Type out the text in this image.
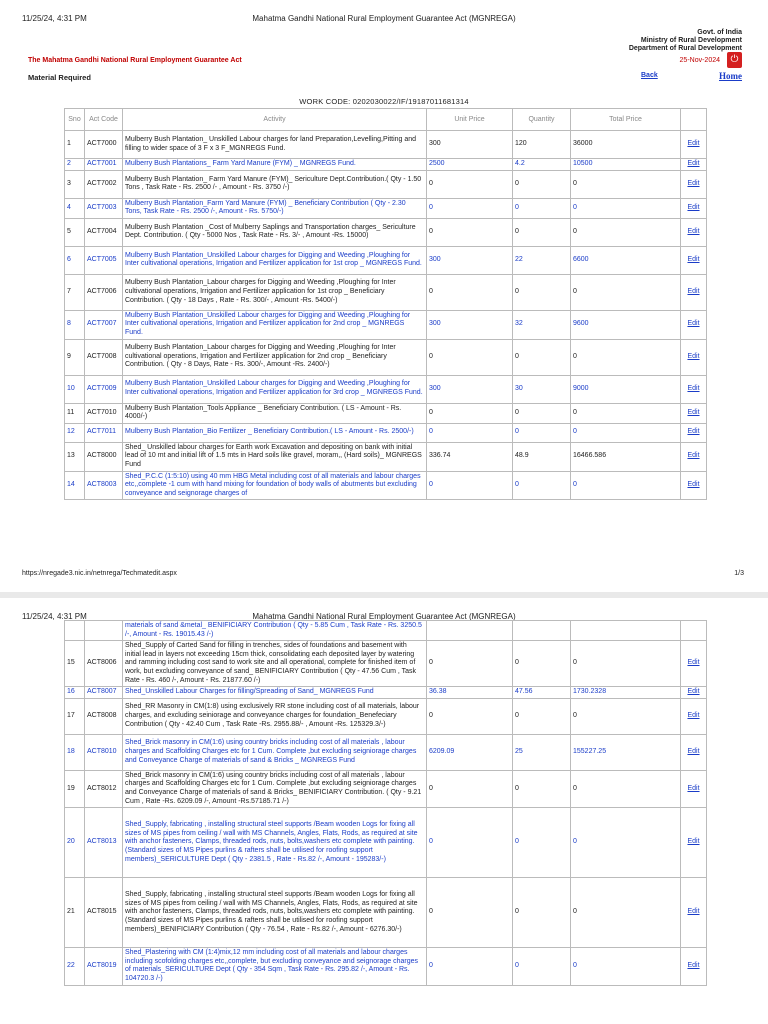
11/25/24, 4:31 PM	Mahatma Gandhi National Rural Employment Guarantee Act (MGNREGA)
Govt. of India
Ministry of Rural Development
Department of Rural Development
The Mahatma Gandhi National Rural Employment Guarantee Act
Material Required
25-Nov-2024	⏻
Back	Home
WORK CODE: 0202030022/IF/19187011681314
Sno	Act Code	Activity	Unit Price	Quantity	Total Price	
1	ACT7000	Mulberry Bush Plantation_ Unskilled Labour charges for land Preparation,Levelling,Pitting and filling to wider space of 3 F x 3 F_MGNREGS Fund.	300	120	36000	Edit
2	ACT7001	Mulberry Bush Plantations_ Farm Yard Manure (FYM) _ MGNREGS Fund.	2500	4.2	10500	Edit
3	ACT7002	Mulberry Bush Plantation_ Farm Yard Manure (FYM)_ Sericulture Dept.Contribution.( Qty - 1.50 Tons , Task Rate - Rs. 2500 /- , Amount - Rs. 3750 /-)	0	0	0	Edit
4	ACT7003	Mulberry Bush Plantation_Farm Yard Manure (FYM) _ Beneficiary Contribution ( Qty - 2.30 Tons, Task Rate - Rs. 2500 /-, Amount - Rs. 5750/-)	0	0	0	Edit
5	ACT7004	Mulberry Bush Plantation _Cost of Mulberry Saplings and Transportation charges_ Sericulture Dept. Contribution. ( Qty - 5000 Nos , Task Rate - Rs. 3/- , Amount -Rs. 15000)	0	0	0	Edit
6	ACT7005	Mulberry Bush Plantation_Unskilled Labour charges for Digging and Weeding ,Ploughing for Inter cultivational operations, Irrigation and Fertilizer application for 1st crop _ MGNREGS Fund.	300	22	6600	Edit
7	ACT7006	Mulberry Bush Plantation_Labour charges for Digging and Weeding ,Ploughing for Inter cultivational operations, Irrigation and Fertilizer application for 1st crop _ Beneficiary Contribution. ( Qty - 18 Days , Rate - Rs. 300/- , Amount -Rs. 5400/-)	0	0	0	Edit
8	ACT7007	Mulberry Bush Plantation_Unskilled Labour charges for Digging and Weeding ,Ploughing for Inter cultivational operations, Irrigation and Fertilizer application for 2nd crop _ MGNREGS Fund.	300	32	9600	Edit
9	ACT7008	Mulberry Bush Plantation_Labour charges for Digging and Weeding ,Ploughing for Inter cultivational operations, Irrigation and Fertilizer application for 2nd crop _ Beneficiary Contribution. ( Qty - 8 Days, Rate - Rs. 300/-, Amount -Rs. 2400/-)	0	0	0	Edit
10	ACT7009	Mulberry Bush Plantation_Unskilled Labour charges for Digging and Weeding ,Ploughing for Inter cultivational operations, Irrigation and Fertilizer application for 3rd crop _ MGNREGS Fund.	300	30	9000	Edit
11	ACT7010	Mulberry Bush Plantation_Tools Appliance _ Beneficiary Contribution. ( LS - Amount - Rs. 4000/-)	0	0	0	Edit
12	ACT7011	Mulberry Bush Plantation_Bio Fertilizer _ Beneficiary Contribution.( LS - Amount - Rs. 2500/-)	0	0	0	Edit
13	ACT8000	Shed_ Unskilled labour charges for Earth work Excavation and depositing on bank with initial lead of 10 mt and initial lift of 1.5 mts in Hard soils like gravel, moram,, (Hard soils)_ MGNREGS Fund	336.74	48.9	16466.586	Edit
14	ACT8003	Shed_P.C.C (1:5:10) using 40 mm HBG Metal including cost of all materials and labour charges etc,,complete -1 cum with hand mixing for foundation of body walls of abutments but excluding conveyance and seignorage charges of	0	0	0	Edit
https://nregade3.nic.in/netnrega/Techmatedit.aspx	1/3
11/25/24, 4:31 PM	Mahatma Gandhi National Rural Employment Guarantee Act (MGNREGA)
		materials of sand &metal_ BENIFICIARY Contribution ( Qty - 5.85 Cum , Task Rate - Rs. 3250.5 /-, Amount - Rs. 19015.43 /-)				
15	ACT8006	Shed_Supply of Carted Sand for filling in trenches, sides of foundations and basement with initial lead in layers not exceeding 15cm thick, consolidating each deposited layer by watering and ramming including cost sand to work site and all operational, complete for finished item of work, but excluding conveyance of sand_ BENIFICIARY Contribution ( Qty - 47.56 Cum , Task Rate - Rs. 460 /-, Amount - Rs. 21877.60 /-)	0	0	0	Edit
16	ACT8007	Shed_Unskilled Labour Charges for filling/Spreading of Sand_ MGNREGS Fund	36.38	47.56	1730.2328	Edit
17	ACT8008	Shed_RR Masonry in CM(1:8) using exclusively RR stone including cost of all materials, labour charges, and excluding seiniorage and conveyance charges for foundation_Benefeciary Contribution ( Qty - 42.40 Cum , Task Rate -Rs. 2955.88/- , Amount -Rs. 125329.3/-)	0	0	0	Edit
18	ACT8010	Shed_Brick masonry in CM(1:6) using country bricks including cost of all materials , labour charges and Scaffolding Charges etc for 1 Cum. Complete ,but excluding seigniorage charges and Conveyance Charge of materials of sand & Bricks _ MGNREGS Fund	6209.09	25	155227.25	Edit
19	ACT8012	Shed_Brick masonry in CM(1:6) using country bricks including cost of all materials , labour charges and Scaffolding Charges etc for 1 Cum. Complete ,but excluding seigniorage charges and Conveyance Charge of materials of sand & Bricks_ BENIFICIARY Contribution. ( Qty - 9.21 Cum , Rate -Rs. 6209.09 /-, Amount -Rs.57185.71 /-)	0	0	0	Edit
20	ACT8013	Shed_Supply, fabricating , installing structural steel supports /Beam wooden Logs for fixing all sizes of MS pipes from ceiling / wall with MS Channels, Angles, Flats, Rods, as required at site with anchor fasteners, Clamps, threaded rods, nuts, bolts,washers etc complete with painting.(Standard sizes of MS Pipes purlins & rafters shall be utilised for roofing support members)_SERICULTURE Dept ( Qty - 2381.5 , Rate - Rs.82 /-, Amount - 195283/-)	0	0	0	Edit
21	ACT8015	Shed_Supply, fabricating , installing structural steel supports /Beam wooden Logs for fixing all sizes of MS pipes from ceiling / wall with MS Channels, Angles, Flats, Rods, as required at site with anchor fasteners, Clamps, threaded rods, nuts, bolts,washers etc complete with painting.(Standard sizes of MS Pipes purlins & rafters shall be utilised for roofing support members)_BENIFICIARY Contribution ( Qty - 76.54 , Rate - Rs.82 /-, Amount - 6276.30/-)	0	0	0	Edit
22	ACT8019	Shed_Plastering with CM (1:4)mix,12 mm including cost of all materials and labour charges including scofolding charges etc,,complete, but excluding conveyance and seignorage charges of materials_SERICULTURE Dept ( Qty - 354 Sqm , Task Rate - Rs. 295.82 /-, Amount - Rs. 104720.3 /-)	0	0	0	Edit
